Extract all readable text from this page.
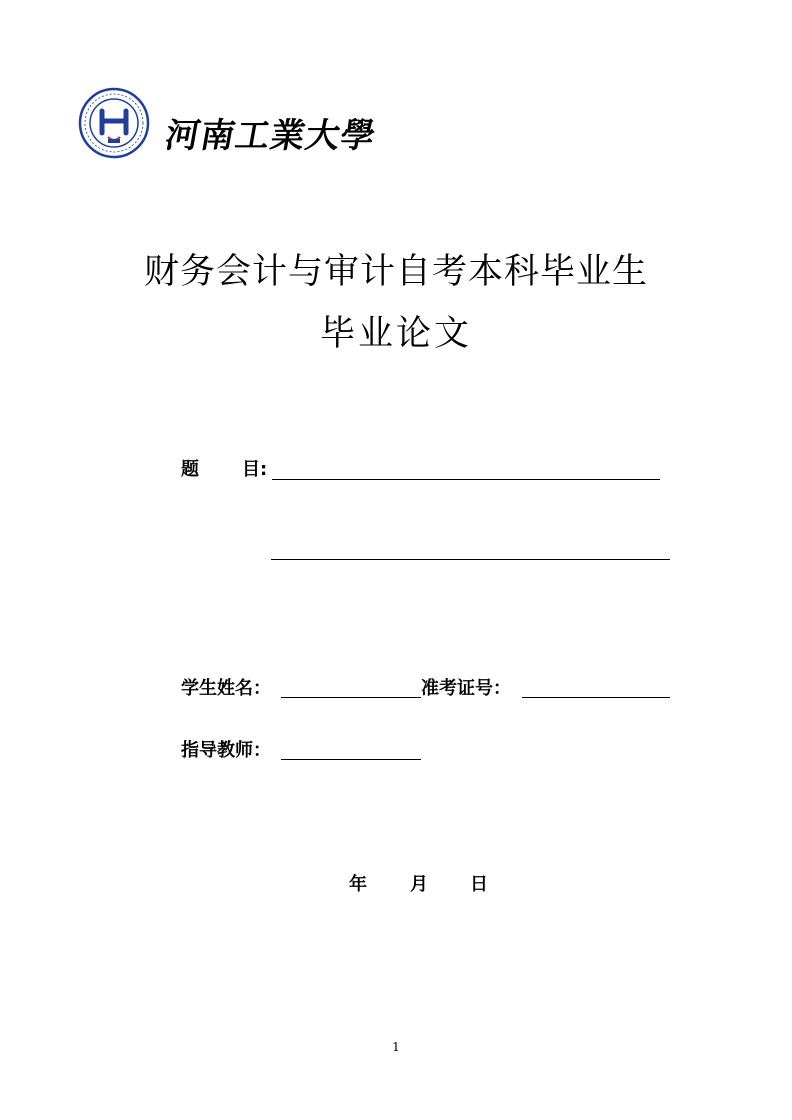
河南工業大學
财务会计与审计自考本科毕业生
毕业论文
题 目:
学生姓名：	准考证号：
指导教师：
年 月 日
1
